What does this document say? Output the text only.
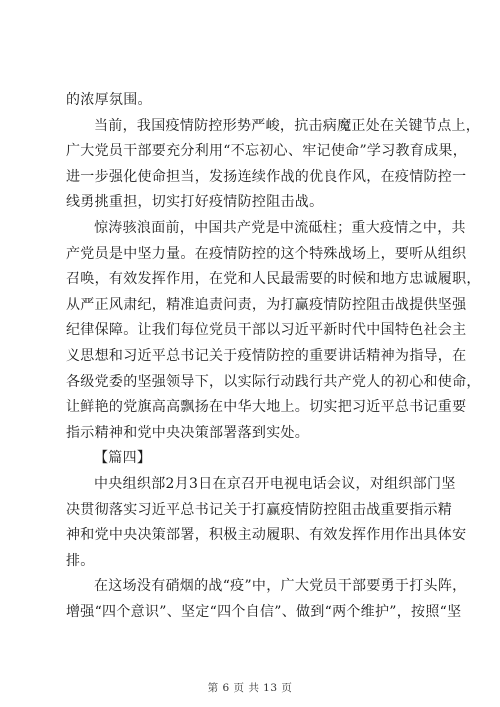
的浓厚氛围。
当前，我国疫情防控形势严峻，抗击病魔正处在关键节点上，
广大党员干部要充分利用“不忘初心、牢记使命”学习教育成果，
进一步强化使命担当，发扬连续作战的优良作风，在疫情防控一
线勇挑重担，切实打好疫情防控阻击战。
惊涛骇浪面前，中国共产党是中流砥柱；重大疫情之中，共
产党员是中坚力量。在疫情防控的这个特殊战场上，要听从组织
召唤，有效发挥作用，在党和人民最需要的时候和地方忠诚履职，
从严正风肃纪，精准追责问责，为打赢疫情防控阻击战提供坚强
纪律保障。让我们每位党员干部以习近平新时代中国特色社会主
义思想和习近平总书记关于疫情防控的重要讲话精神为指导，在
各级党委的坚强领导下，以实际行动践行共产党人的初心和使命，
让鲜艳的党旗高高飘扬在中华大地上。切实把习近平总书记重要
指示精神和党中央决策部署落到实处。
【篇四】
中央组织部2月3日在京召开电视电话会议，对组织部门坚
决贯彻落实习近平总书记关于打赢疫情防控阻击战重要指示精
神和党中央决策部署，积极主动履职、有效发挥作用作出具体安
排。
在这场没有硝烟的战“疫”中，广大党员干部要勇于打头阵，
增强“四个意识”、坚定“四个自信”、做到“两个维护”，按照“坚
第 6 页 共 13 页
